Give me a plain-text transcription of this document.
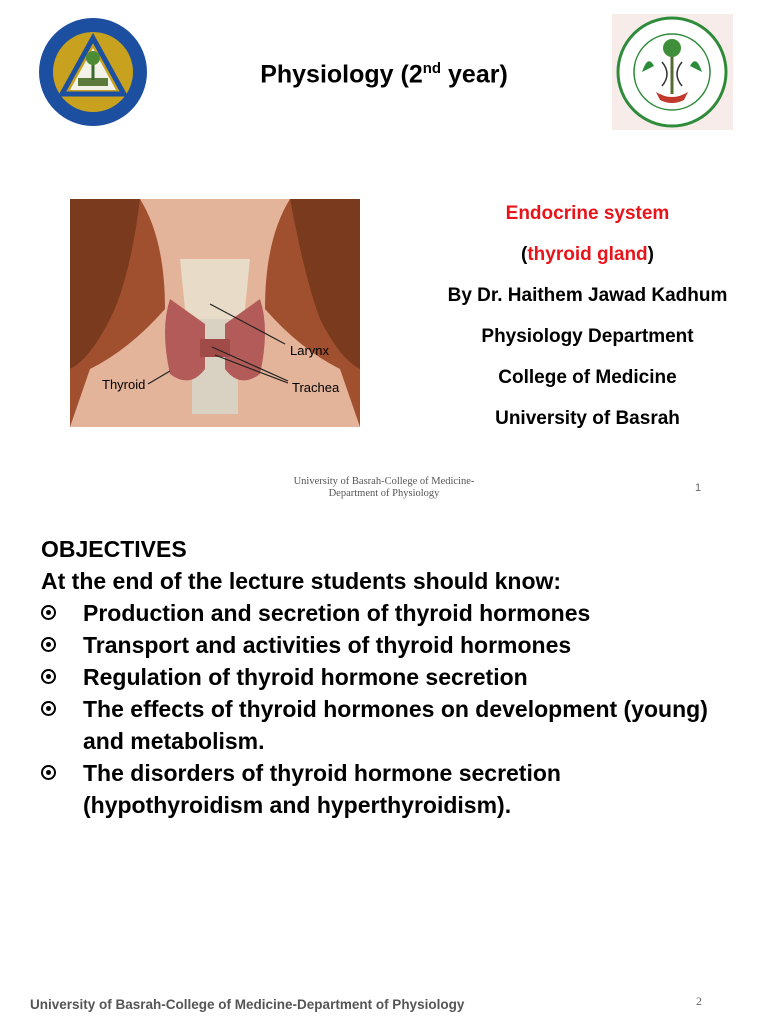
Physiology (2nd year)
Larynx
Thyroid	Trachea
Endocrine system
(thyroid gland)
By Dr. Haithem Jawad Kadhum
Physiology Department
College of Medicine
University of Basrah
University of Basrah-College of Medicine-
Department of Physiology	1
OBJECTIVES
At the end of the lecture students should know:
Production and secretion of thyroid hormones
Transport and activities of thyroid hormones
Regulation of thyroid hormone secretion
The effects of thyroid hormones on development (young) and metabolism.
The disorders of thyroid hormone secretion (hypothyroidism and hyperthyroidism).
University of Basrah-College of Medicine-Department of Physiology	2
